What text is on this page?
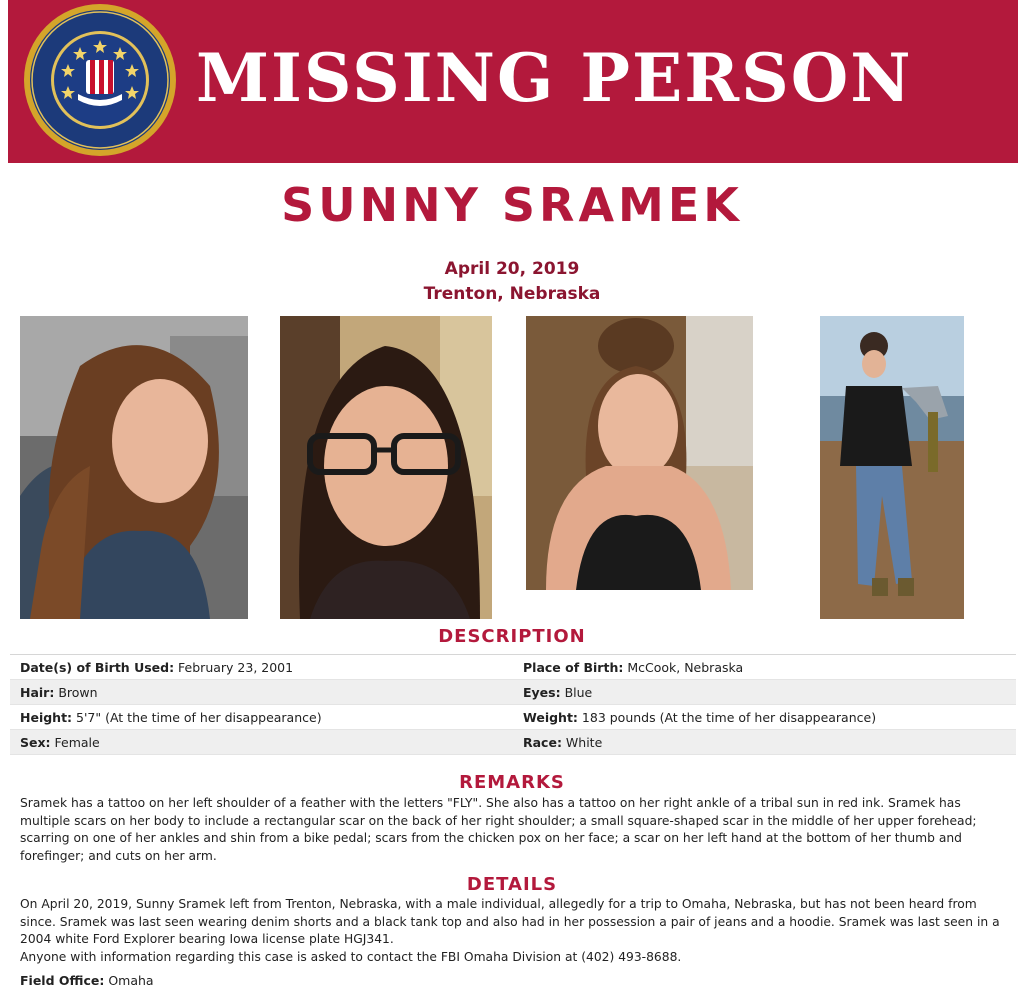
MISSING PERSON
SUNNY SRAMEK
April 20, 2019
Trenton, Nebraska
DESCRIPTION
Date(s) of Birth Used: February 23, 2001	Place of Birth: McCook, Nebraska
Hair: Brown	Eyes: Blue
Height: 5'7" (At the time of her disappearance)	Weight: 183 pounds (At the time of her disappearance)
Sex: Female	Race: White
REMARKS

Sramek has a tattoo on her left shoulder of a feather with the letters "FLY". She also has a tattoo on her right ankle of a tribal sun in red ink. Sramek has multiple scars on her body to include a rectangular scar on the back of her right shoulder; a small square-shaped scar in the middle of her upper forehead; scarring on one of her ankles and shin from a bike pedal; scars from the chicken pox on her face; a scar on her left hand at the bottom of her thumb and forefinger; and cuts on her arm.

DETAILS

On April 20, 2019, Sunny Sramek left from Trenton, Nebraska, with a male individual, allegedly for a trip to Omaha, Nebraska, but has not been heard from since. Sramek was last seen wearing denim shorts and a black tank top and also had in her possession a pair of jeans and a hoodie. Sramek was last seen in a 2004 white Ford Explorer bearing Iowa license plate HGJ341.

Anyone with information regarding this case is asked to contact the FBI Omaha Division at (402) 493-8688.

Field Office: Omaha
